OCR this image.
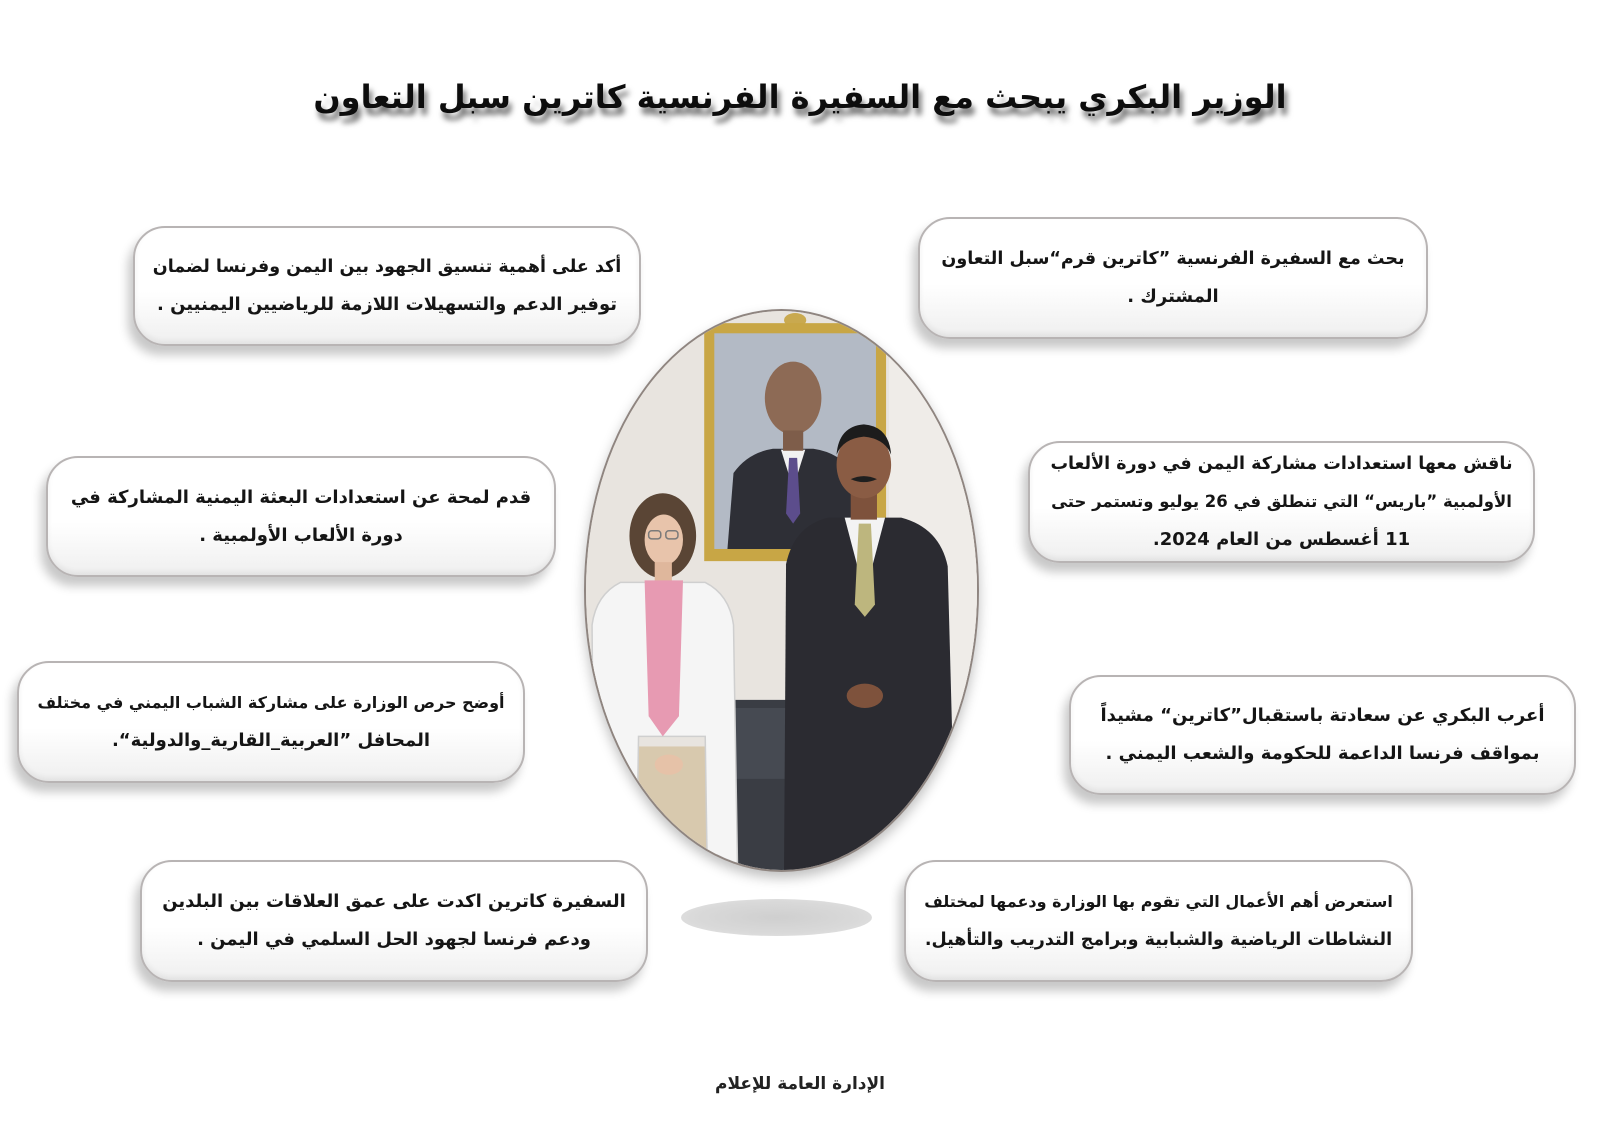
الوزير البكري يبحث مع السفيرة الفرنسية كاترين سبل التعاون
بحث مع السفيرة الفرنسية ”كاترين قرم“سبل التعاون
المشترك .
ناقش معها استعدادات مشاركة اليمن في دورة الألعاب
الأولمبية ”باريس“ التي تنطلق في 26 يوليو وتستمر حتى
11 أغسطس من العام 2024.
أعرب البكري عن سعادتة باستقبال”كاترين“ مشيداً
بمواقف فرنسا الداعمة للحكومة والشعب اليمني .
استعرض أهم الأعمال التي تقوم بها الوزارة ودعمها لمختلف
النشاطات الرياضية والشبابية وبرامج التدريب والتأهيل.
أكد على أهمية تنسيق الجهود بين اليمن وفرنسا لضمان
توفير الدعم والتسهيلات اللازمة للرياضيين اليمنيين .
قدم لمحة عن استعدادات البعثة اليمنية المشاركة في
دورة الألعاب الأولمبية .
أوضح حرص الوزارة على مشاركة الشباب اليمني في مختلف
المحافل ”العربية_القارية_والدولية“.
السفيرة كاترين اكدت على عمق العلاقات بين البلدين
ودعم فرنسا لجهود الحل السلمي في اليمن .
الإدارة العامة للإعلام
